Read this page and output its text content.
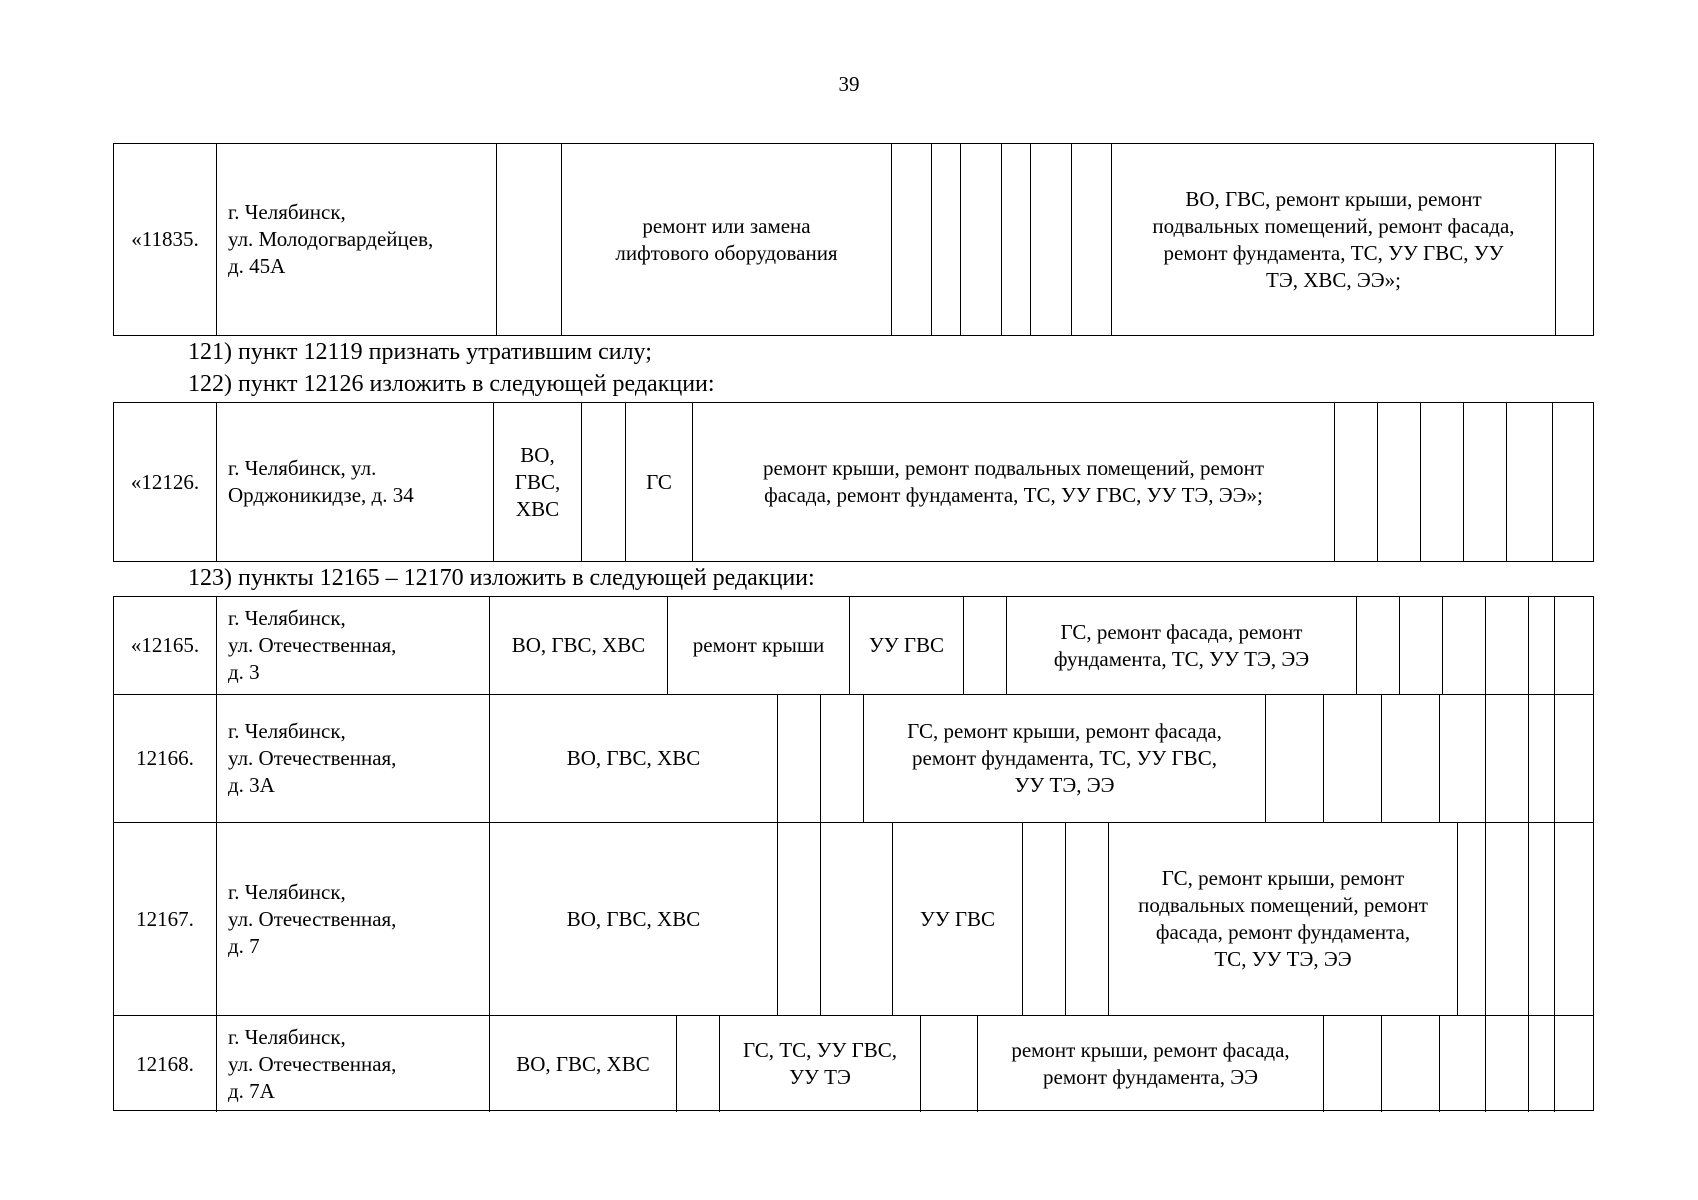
39
«11835.
г. Челябинск,
ул. Молодогвардейцев,
д. 45А
ремонт или замена
лифтового оборудования
ВО, ГВС, ремонт крыши, ремонт
подвальных помещений, ремонт фасада,
ремонт фундамента, ТС, УУ ГВС, УУ
ТЭ, ХВС, ЭЭ»;
121) пункт 12119 признать утратившим силу;
122) пункт 12126 изложить в следующей редакции:
«12126.
г. Челябинск, ул.
Орджоникидзе, д. 34
ВО,
ГВС,
ХВС
ГС
ремонт крыши, ремонт подвальных помещений, ремонт
фасада, ремонт фундамента, ТС, УУ ГВС, УУ ТЭ, ЭЭ»;
123) пункты 12165 – 12170 изложить в следующей редакции:
«12165.
г. Челябинск,
ул. Отечественная,
д. 3
ВО, ГВС, ХВС ремонт крыши УУ ГВС
ГС, ремонт фасада, ремонт
фундамента, ТС, УУ ТЭ, ЭЭ
12166.
г. Челябинск,
ул. Отечественная,
д. 3А
ВО, ГВС, ХВС
ГС, ремонт крыши, ремонт фасада,
ремонт фундамента, ТС, УУ ГВС,
УУ ТЭ, ЭЭ
12167.
г. Челябинск,
ул. Отечественная,
д. 7
ВО, ГВС, ХВС	УУ ГВС
ГС, ремонт крыши, ремонт
подвальных помещений, ремонт
фасада, ремонт фундамента,
ТС, УУ ТЭ, ЭЭ
12168.
г. Челябинск,
ул. Отечественная,
д. 7А
ВО, ГВС, ХВС
ГС, ТС, УУ ГВС,
УУ ТЭ
ремонт крыши, ремонт фасада,
ремонт фундамента, ЭЭ
